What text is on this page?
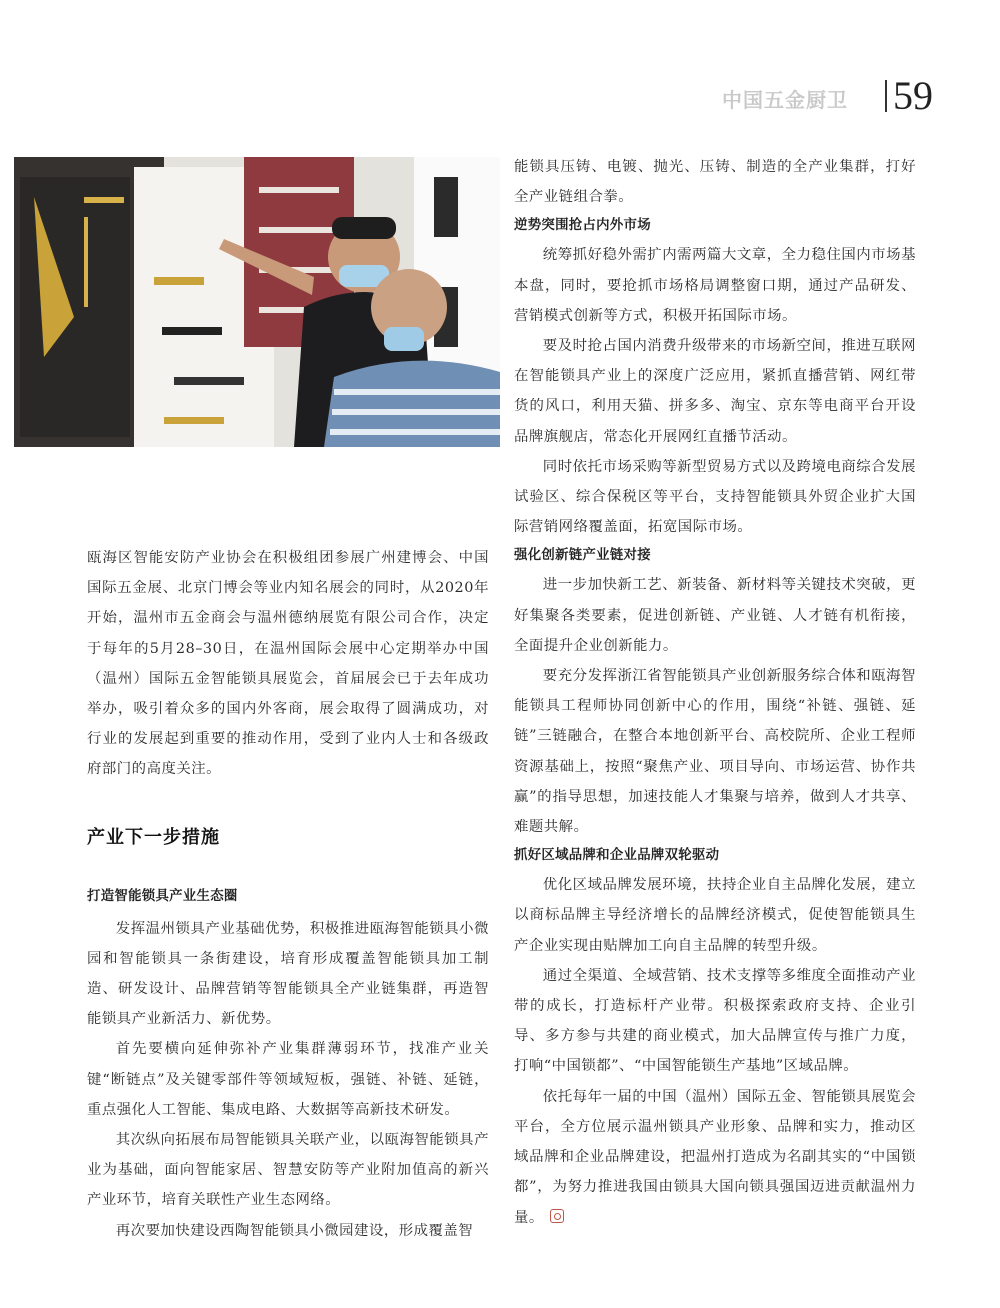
中国五金厨卫 59

瓯海区智能安防产业协会在积极组团参展广州建博会、中国国际五金展、北京门博会等业内知名展会的同时，从2020年开始，温州市五金商会与温州德纳展览有限公司合作，决定于每年的5月28–30日，在温州国际会展中心定期举办中国（温州）国际五金智能锁具展览会，首届展会已于去年成功举办，吸引着众多的国内外客商，展会取得了圆满成功，对行业的发展起到重要的推动作用，受到了业内人士和各级政府部门的高度关注。

产业下一步措施
打造智能锁具产业生态圈

发挥温州锁具产业基础优势，积极推进瓯海智能锁具小微园和智能锁具一条街建设，培育形成覆盖智能锁具加工制造、研发设计、品牌营销等智能锁具全产业链集群，再造智能锁具产业新活力、新优势。

首先要横向延伸弥补产业集群薄弱环节，找准产业关键“断链点”及关键零部件等领域短板，强链、补链、延链，重点强化人工智能、集成电路、大数据等高新技术研发。

其次纵向拓展布局智能锁具关联产业，以瓯海智能锁具产业为基础，面向智能家居、智慧安防等产业附加值高的新兴产业环节，培育关联性产业生态网络。

再次要加快建设西陶智能锁具小微园建设，形成覆盖智

能锁具压铸、电镀、抛光、压铸、制造的全产业集群，打好全产业链组合拳。

逆势突围抢占内外市场

统筹抓好稳外需扩内需两篇大文章，全力稳住国内市场基本盘，同时，要抢抓市场格局调整窗口期，通过产品研发、营销模式创新等方式，积极开拓国际市场。

要及时抢占国内消费升级带来的市场新空间，推进互联网在智能锁具产业上的深度广泛应用，紧抓直播营销、网红带货的风口，利用天猫、拼多多、淘宝、京东等电商平台开设品牌旗舰店，常态化开展网红直播节活动。

同时依托市场采购等新型贸易方式以及跨境电商综合发展试验区、综合保税区等平台，支持智能锁具外贸企业扩大国际营销网络覆盖面，拓宽国际市场。

强化创新链产业链对接

进一步加快新工艺、新装备、新材料等关键技术突破，更好集聚各类要素，促进创新链、产业链、人才链有机衔接，全面提升企业创新能力。

要充分发挥浙江省智能锁具产业创新服务综合体和瓯海智能锁具工程师协同创新中心的作用，围绕“补链、强链、延链”三链融合，在整合本地创新平台、高校院所、企业工程师资源基础上，按照“聚焦产业、项目导向、市场运营、协作共赢”的指导思想，加速技能人才集聚与培养，做到人才共享、难题共解。

抓好区域品牌和企业品牌双轮驱动

优化区域品牌发展环境，扶持企业自主品牌化发展，建立以商标品牌主导经济增长的品牌经济模式，促使智能锁具生产企业实现由贴牌加工向自主品牌的转型升级。

通过全渠道、全域营销、技术支撑等多维度全面推动产业带的成长，打造标杆产业带。积极探索政府支持、企业引导、多方参与共建的商业模式，加大品牌宣传与推广力度，打响“中国锁都”、“中国智能锁生产基地”区域品牌。

依托每年一届的中国（温州）国际五金、智能锁具展览会平台，全方位展示温州锁具产业形象、品牌和实力，推动区域品牌和企业品牌建设，把温州打造成为名副其实的“中国锁都”，为努力推进我国由锁具大国向锁具强国迈进贡献温州力量。
